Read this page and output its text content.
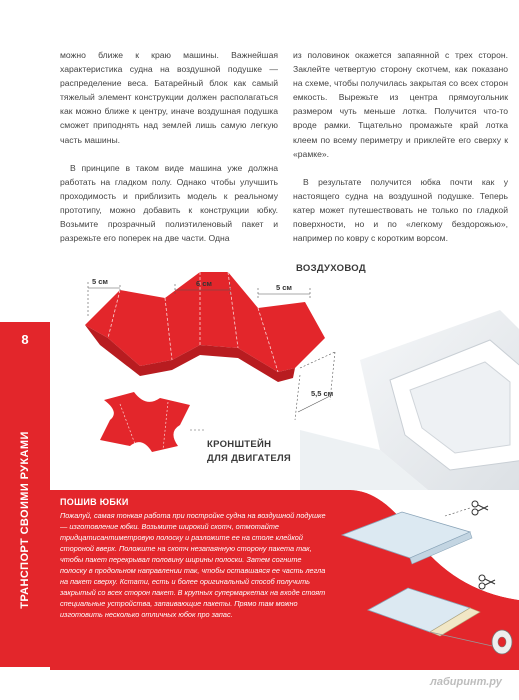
8
ТРАНСПОРТ СВОИМИ РУКАМИ

можно ближе к краю машины. Важнейшая характеристика судна на воздушной подушке — распределение веса. Батарейный блок как самый тяжелый элемент конструкции должен располагаться как можно ближе к центру, иначе воздушная подушка сможет приподнять над землей лишь самую легкую часть машины.

В принципе в таком виде машина уже должна работать на гладком полу. Однако чтобы улучшить проходимость и приблизить модель к реальному прототипу, можно добавить к конструкции юбку. Возьмите прозрачный полиэтиленовый пакет и разрежьте его поперек на две части. Одна

из половинок окажется запаянной с трех сторон. Заклейте четвертую сторону скотчем, как показано на схеме, чтобы получилась закрытая со всех сторон емкость. Вырежьте из центра прямоугольник размером чуть меньше лотка. Получится что-то вроде рамки. Тщательно промажьте край лотка клеем по всему периметру и приклейте его сверху к «рамке».

В результате получится юбка почти как у настоящего судна на воздушной подушке. Теперь катер может путешествовать не только по гладкой поверхности, но и по «легкому бездорожью», например по ковру с коротким ворсом.

ВОЗДУХОВОД
КРОНШТЕЙН
ДЛЯ ДВИГАТЕЛЯ
5 см	6 см	5 см
5,5 см
ПОШИВ ЮБКИ
Пожалуй, самая тонкая работа при постройке судна на воздушной подушке — изготовление юбки. Возьмите широкий скотч, отмотайте тридцатисантиметровую полоску и разложите ее на столе клейкой стороной вверх. Положите на скотч незапаянную сторону пакета так, чтобы пакет перекрывал половину ширины полоски. Затем согните полоску в продольном направлении так, чтобы оставшаяся ее часть легла на пакет сверху. Кстати, есть и более оригинальный способ получить закрытый со всех сторон пакет. В крупных супермаркетах на входе стоят специальные устройства, запаивающие пакеты. Прямо там можно изготовить несколько отличных юбок про запас.
лабиринт.ру
